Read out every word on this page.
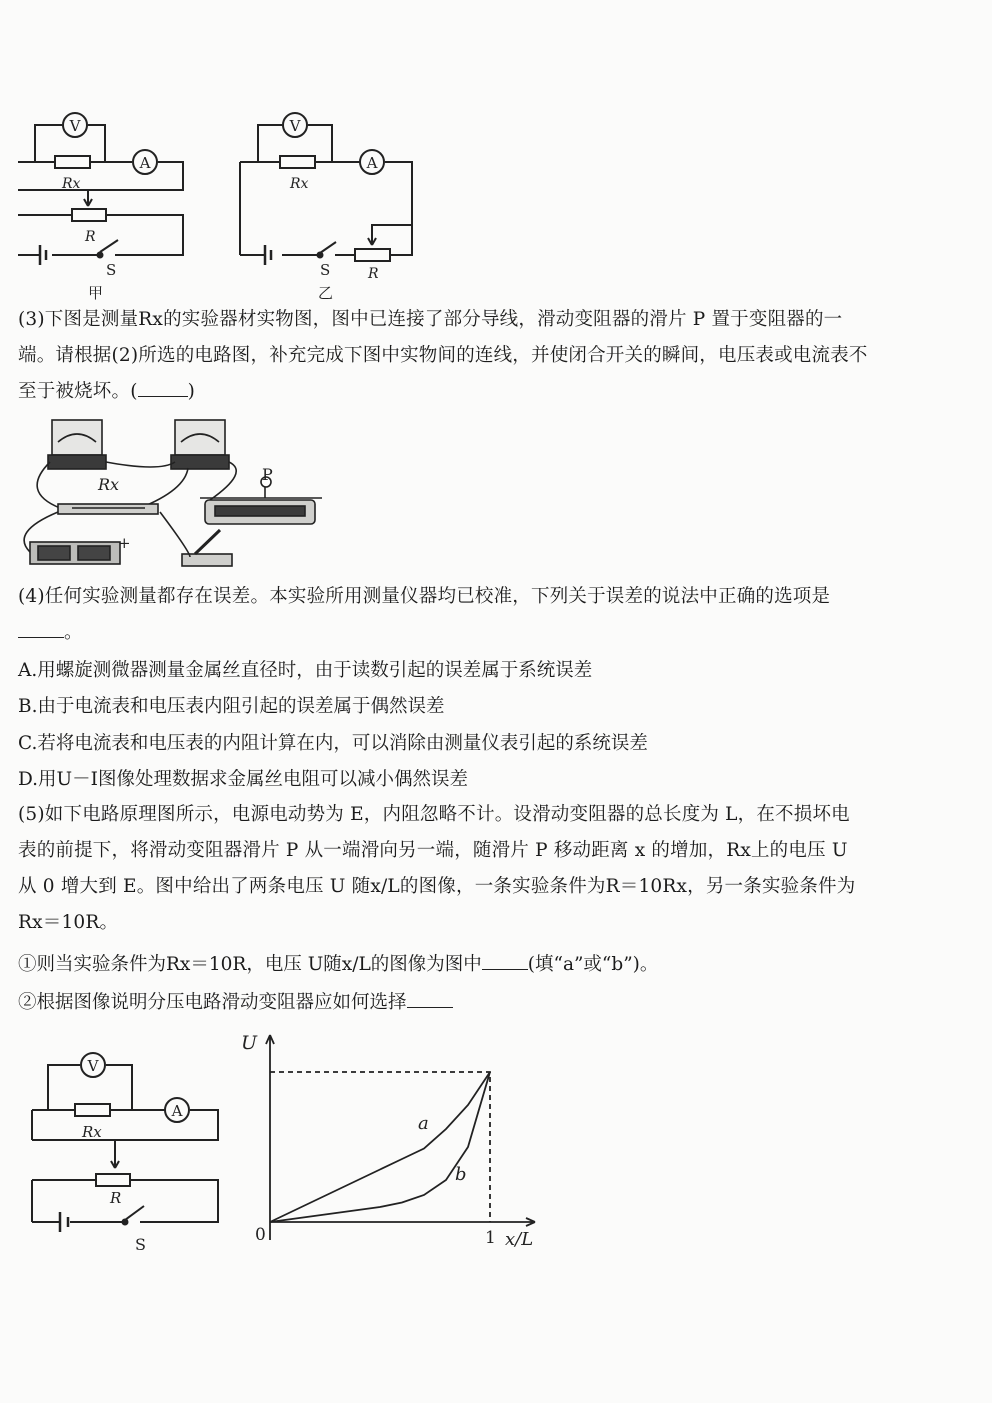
V
Rx
A
R
S
甲
V
Rx
A
S	R
乙
(3)下图是测量Rx的实验器材实物图，图中已连接了部分导线，滑动变阻器的滑片 P 置于变阻器的一端。请根据(2)所选的电路图，补充完成下图中实物间的连线，并使闭合开关的瞬间，电压表或电流表不至于被烧坏。(	)
Rx
P
+
(4)任何实验测量都存在误差。本实验所用测量仪器均已校准，下列关于误差的说法中正确的选项是。
A.用螺旋测微器测量金属丝直径时，由于读数引起的误差属于系统误差
B.由于电流表和电压表内阻引起的误差属于偶然误差
C.若将电流表和电压表的内阻计算在内，可以消除由测量仪表引起的系统误差
D.用U－I图像处理数据求金属丝电阻可以减小偶然误差
(5)如下电路原理图所示，电源电动势为 E，内阻忽略不计。设滑动变阻器的总长度为 L，在不损坏电表的前提下，将滑动变阻器滑片 P 从一端滑向另一端，随滑片 P 移动距离 x 的增加，Rx上的电压 U 从 0 增大到 E。图中给出了两条电压 U 随x/L的图像，一条实验条件为R＝10Rx，另一条实验条件为Rx＝10R。
①则当实验条件为Rx＝10R，电压 U随x/L的图像为图中 (填“a”或“b”)。
②根据图像说明分压电路滑动变阻器应如何选择
V
Rx
A
R
S
U
x/L
0	1
a
b
